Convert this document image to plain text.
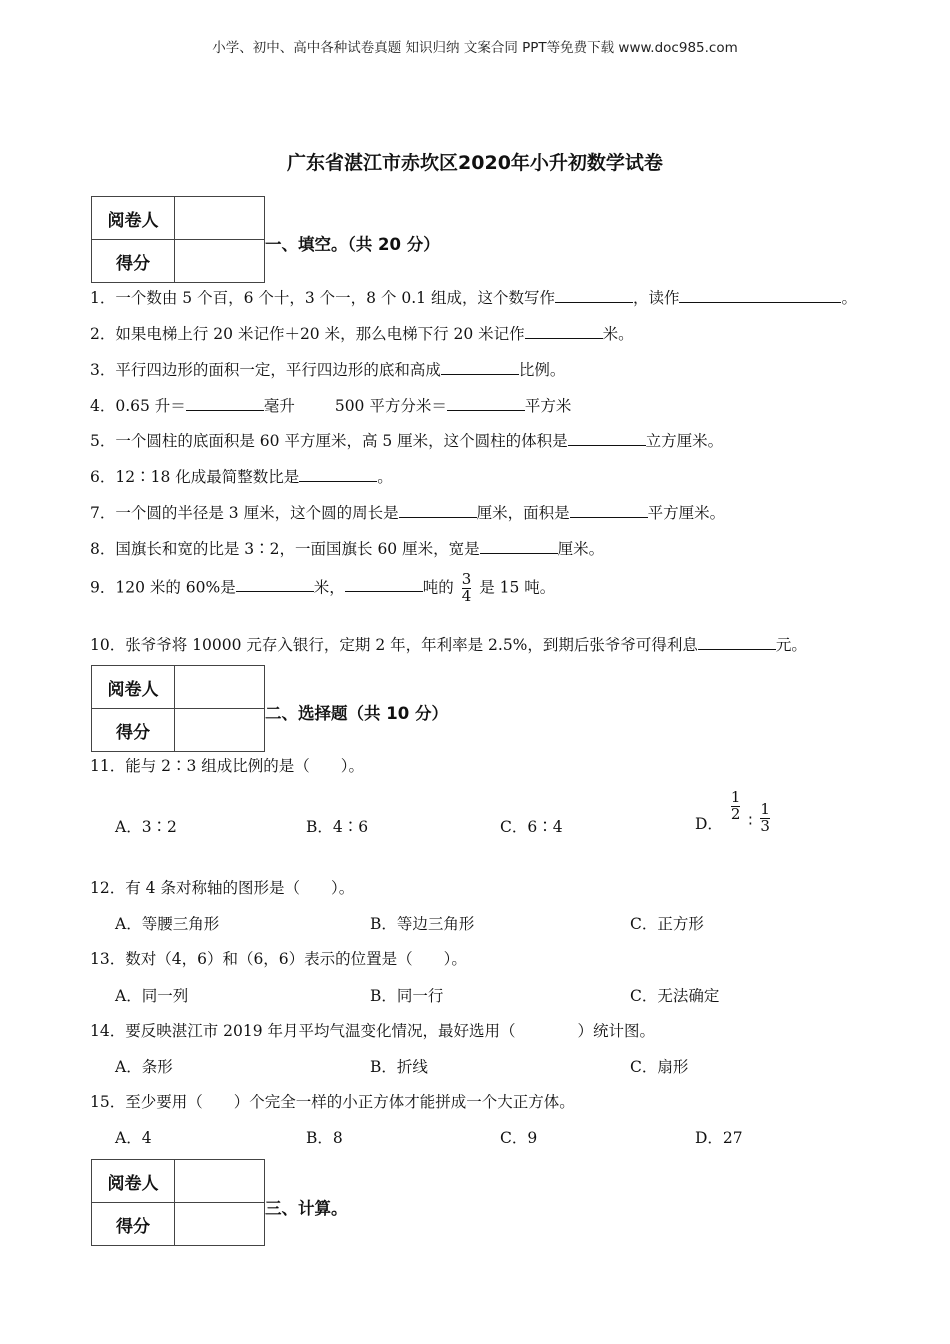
小学、初中、高中各种试卷真题 知识归纳 文案合同 PPT等免费下载 www.doc985.com
广东省湛江市赤坎区2020年小升初数学试卷
阅卷人	
得分	
一、填空。（共 20 分）
1．一个数由 5 个百，6 个十，3 个一，8 个 0.1 组成，这个数写作	，读作	。
2．如果电梯上行 20 米记作＋20 米，那么电梯下行 20 米记作	米。
3．平行四边形的面积一定，平行四边形的底和高成	比例。
4．0.65 升＝	毫升	500 平方分米＝	平方米
5．一个圆柱的底面积是 60 平方厘米，高 5 厘米，这个圆柱的体积是	立方厘米。
6．12∶18 化成最简整数比是	。
7．一个圆的半径是 3 厘米，这个圆的周长是	厘米，面积是	平方厘米。
8．国旗长和宽的比是 3∶2，一面国旗长 60 厘米，宽是	厘米。
9．120 米的 60%是	米，	吨的 $\frac{3}{4}$ 是 15 吨。
10．张爷爷将 10000 元存入银行，定期 2 年，年利率是 2.5%，到期后张爷爷可得利息	元。
阅卷人	
得分	
二、选择题（共 10 分）
11．能与 2∶3 组成比例的是（　　）。
A．3∶2	B．4∶6	C．6∶4	D．
$\frac{1}{2}$ ∶ $\frac{1}{3}$
12．有 4 条对称轴的图形是（　　）。
A．等腰三角形	B．等边三角形	C．正方形
13．数对（4，6）和（6，6）表示的位置是（　　）。
A．同一列	B．同一行	C．无法确定
14．要反映湛江市 2019 年月平均气温变化情况，最好选用（　　　　）统计图。
A．条形	B．折线	C．扇形
15．至少要用（　　）个完全一样的小正方体才能拼成一个大正方体。
A．4	B．8	C．9	D．27
阅卷人	
得分	
三、计算。
